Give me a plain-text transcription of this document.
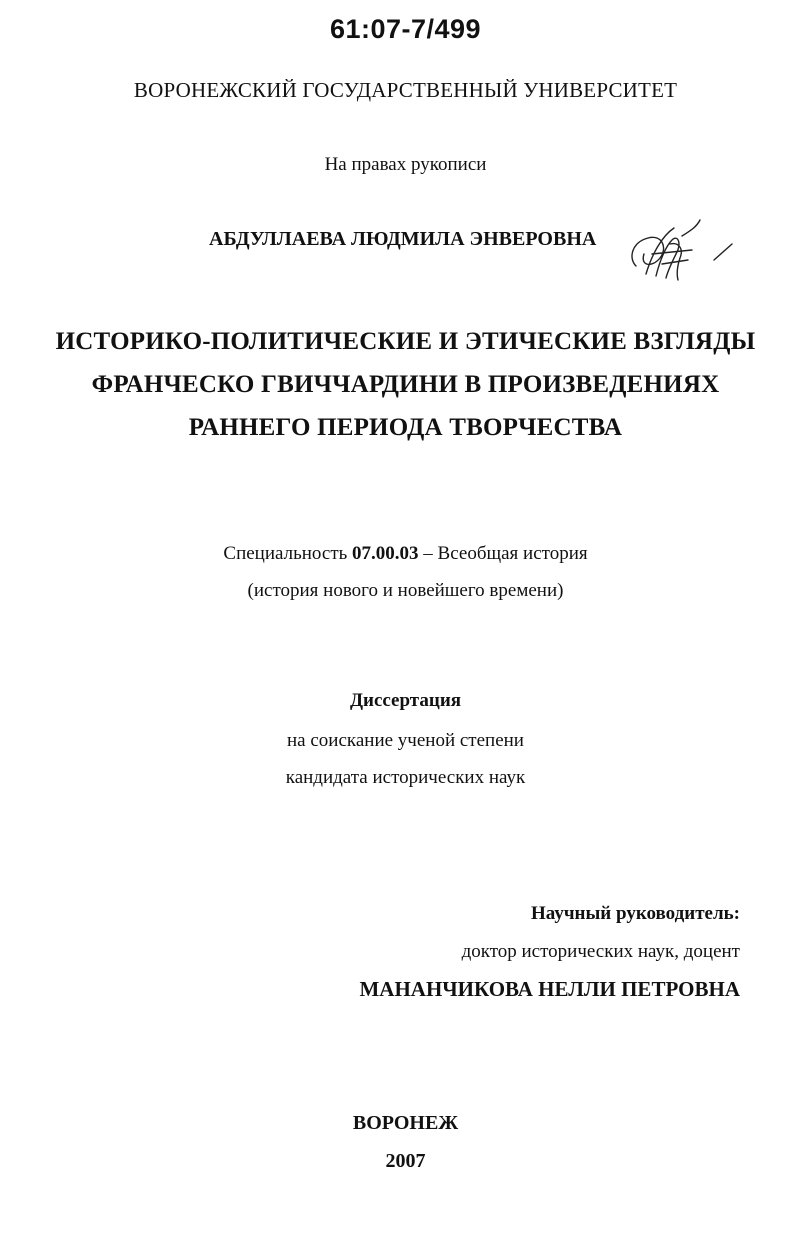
61:07-7/499
ВОРОНЕЖСКИЙ ГОСУДАРСТВЕННЫЙ УНИВЕРСИТЕТ
На правах рукописи
АБДУЛЛАЕВА ЛЮДМИЛА ЭНВЕРОВНА
ИСТОРИКО-ПОЛИТИЧЕСКИЕ И ЭТИЧЕСКИЕ ВЗГЛЯДЫ
ФРАНЧЕСКО ГВИЧЧАРДИНИ В ПРОИЗВЕДЕНИЯХ
РАННЕГО ПЕРИОДА ТВОРЧЕСТВА
Специальность 07.00.03 – Всеобщая история
(история нового и новейшего времени)
Диссертация
на соискание ученой степени
кандидата исторических наук
Научный руководитель:
доктор исторических наук, доцент
МАНАНЧИКОВА НЕЛЛИ ПЕТРОВНА
ВОРОНЕЖ
2007
